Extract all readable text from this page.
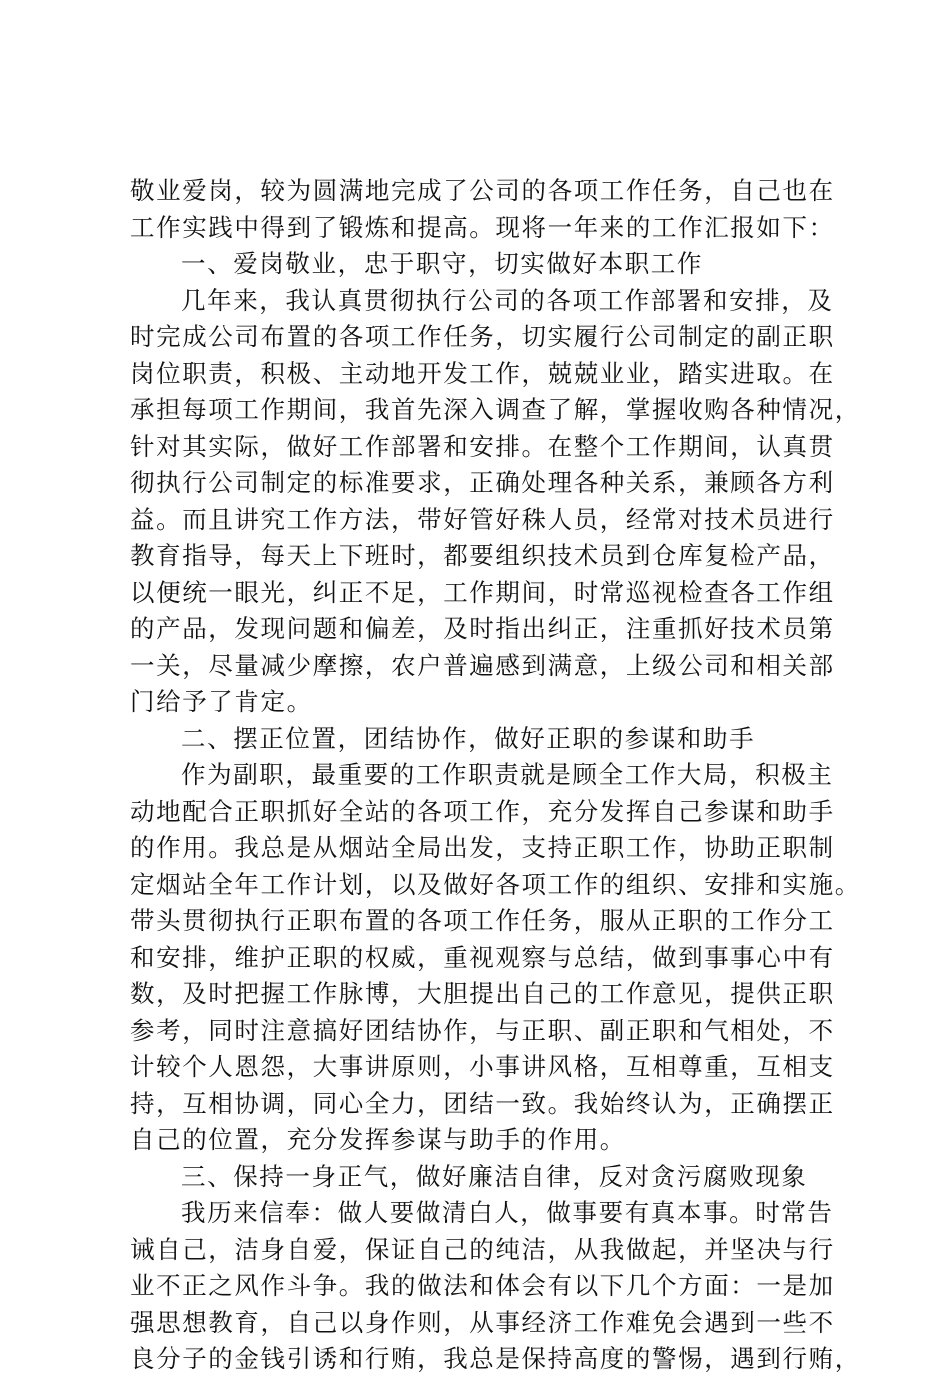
敬业爱岗，较为圆满地完成了公司的各项工作任务，自己也在
工作实践中得到了锻炼和提高。现将一年来的工作汇报如下：
一、爱岗敬业，忠于职守，切实做好本职工作
几年来，我认真贯彻执行公司的各项工作部署和安排，及
时完成公司布置的各项工作任务，切实履行公司制定的副正职
岗位职责，积极、主动地开发工作，兢兢业业，踏实进取。在
承担每项工作期间，我首先深入调查了解，掌握收购各种情况，
针对其实际，做好工作部署和安排。在整个工作期间，认真贯
彻执行公司制定的标准要求，正确处理各种关系，兼顾各方利
益。而且讲究工作方法，带好管好秼人员，经常对技术员进行
教育指导，每天上下班时，都要组织技术员到仓库复检产品，
以便统一眼光，纠正不足，工作期间，时常巡视检查各工作组
的产品，发现问题和偏差，及时指出纠正，注重抓好技术员第
一关，尽量减少摩擦，农户普遍感到满意，上级公司和相关部
门给予了肯定。
二、摆正位置，团结协作，做好正职的参谋和助手
作为副职，最重要的工作职责就是顾全工作大局，积极主
动地配合正职抓好全站的各项工作，充分发挥自己参谋和助手
的作用。我总是从烟站全局出发，支持正职工作，协助正职制
定烟站全年工作计划，以及做好各项工作的组织、安排和实施。
带头贯彻执行正职布置的各项工作任务，服从正职的工作分工
和安排，维护正职的权威，重视观察与总结，做到事事心中有
数，及时把握工作脉博，大胆提出自己的工作意见，提供正职
参考，同时注意搞好团结协作，与正职、副正职和气相处，不
计较个人恩怨，大事讲原则，小事讲风格，互相尊重，互相支
持，互相协调，同心全力，团结一致。我始终认为，正确摆正
自己的位置，充分发挥参谋与助手的作用。
三、保持一身正气，做好廉洁自律，反对贪污腐败现象
我历来信奉：做人要做清白人，做事要有真本事。时常告
诫自己，洁身自爱，保证自己的纯洁，从我做起，并坚决与行
业不正之风作斗争。我的做法和体会有以下几个方面：一是加
强思想教育，自己以身作则，从事经济工作难免会遇到一些不
良分子的金钱引诱和行贿，我总是保持高度的警惕，遇到行贿，
